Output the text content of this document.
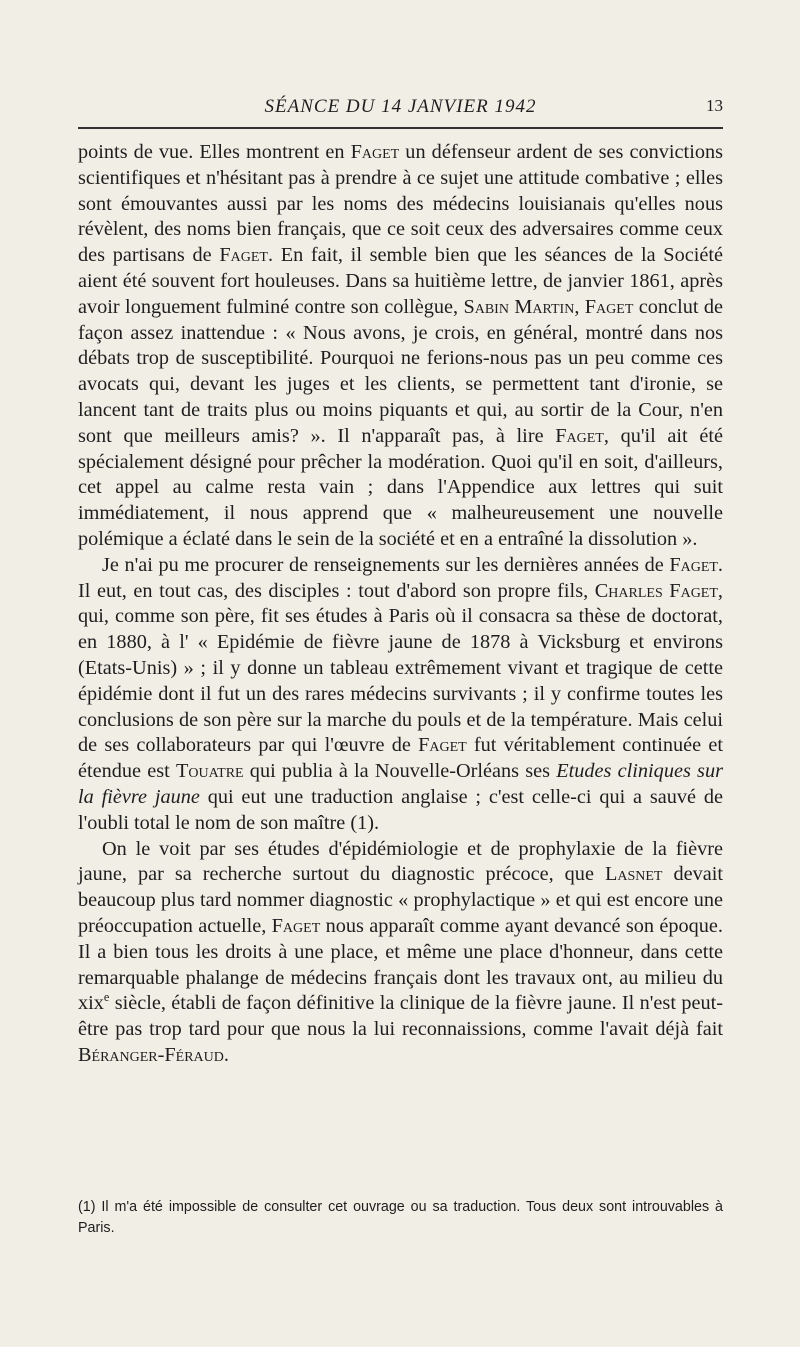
SÉANCE DU 14 JANVIER 1942	13

points de vue. Elles montrent en Faget un défenseur ardent de ses convictions scientifiques et n'hésitant pas à prendre à ce sujet une attitude combative ; elles sont émouvantes aussi par les noms des médecins louisianais qu'elles nous révèlent, des noms bien français, que ce soit ceux des adversaires comme ceux des partisans de Faget. En fait, il semble bien que les séances de la Société aient été souvent fort houleuses. Dans sa huitième lettre, de janvier 1861, après avoir longuement fulminé contre son collègue, Sabin Martin, Faget conclut de façon assez inattendue : « Nous avons, je crois, en général, montré dans nos débats trop de susceptibilité. Pourquoi ne ferions-nous pas un peu comme ces avocats qui, devant les juges et les clients, se permettent tant d'ironie, se lancent tant de traits plus ou moins piquants et qui, au sortir de la Cour, n'en sont que meilleurs amis? ». Il n'apparaît pas, à lire Faget, qu'il ait été spécialement désigné pour prêcher la modération. Quoi qu'il en soit, d'ailleurs, cet appel au calme resta vain ; dans l'Appendice aux lettres qui suit immédiatement, il nous apprend que « malheureusement une nouvelle polémique a éclaté dans le sein de la société et en a entraîné la dissolution ».

Je n'ai pu me procurer de renseignements sur les dernières années de Faget. Il eut, en tout cas, des disciples : tout d'abord son propre fils, Charles Faget, qui, comme son père, fit ses études à Paris où il consacra sa thèse de doctorat, en 1880, à l' « Epidémie de fièvre jaune de 1878 à Vicksburg et environs (Etats-Unis) » ; il y donne un tableau extrêmement vivant et tragique de cette épidémie dont il fut un des rares médecins survivants ; il y confirme toutes les conclusions de son père sur la marche du pouls et de la température. Mais celui de ses collaborateurs par qui l'œuvre de Faget fut véritablement continuée et étendue est Touatre qui publia à la Nouvelle-Orléans ses Etudes cliniques sur la fièvre jaune qui eut une traduction anglaise ; c'est celle-ci qui a sauvé de l'oubli total le nom de son maître (1).

On le voit par ses études d'épidémiologie et de prophylaxie de la fièvre jaune, par sa recherche surtout du diagnostic précoce, que Lasnet devait beaucoup plus tard nommer diagnostic « prophylactique » et qui est encore une préoccupation actuelle, Faget nous apparaît comme ayant devancé son époque. Il a bien tous les droits à une place, et même une place d'honneur, dans cette remarquable phalange de médecins français dont les travaux ont, au milieu du xix$^e$ siècle, établi de façon définitive la clinique de la fièvre jaune. Il n'est peut-être pas trop tard pour que nous la lui reconnaissions, comme l'avait déjà fait Béranger-Féraud.

(1) Il m'a été impossible de consulter cet ouvrage ou sa traduction. Tous deux sont introuvables à Paris.
